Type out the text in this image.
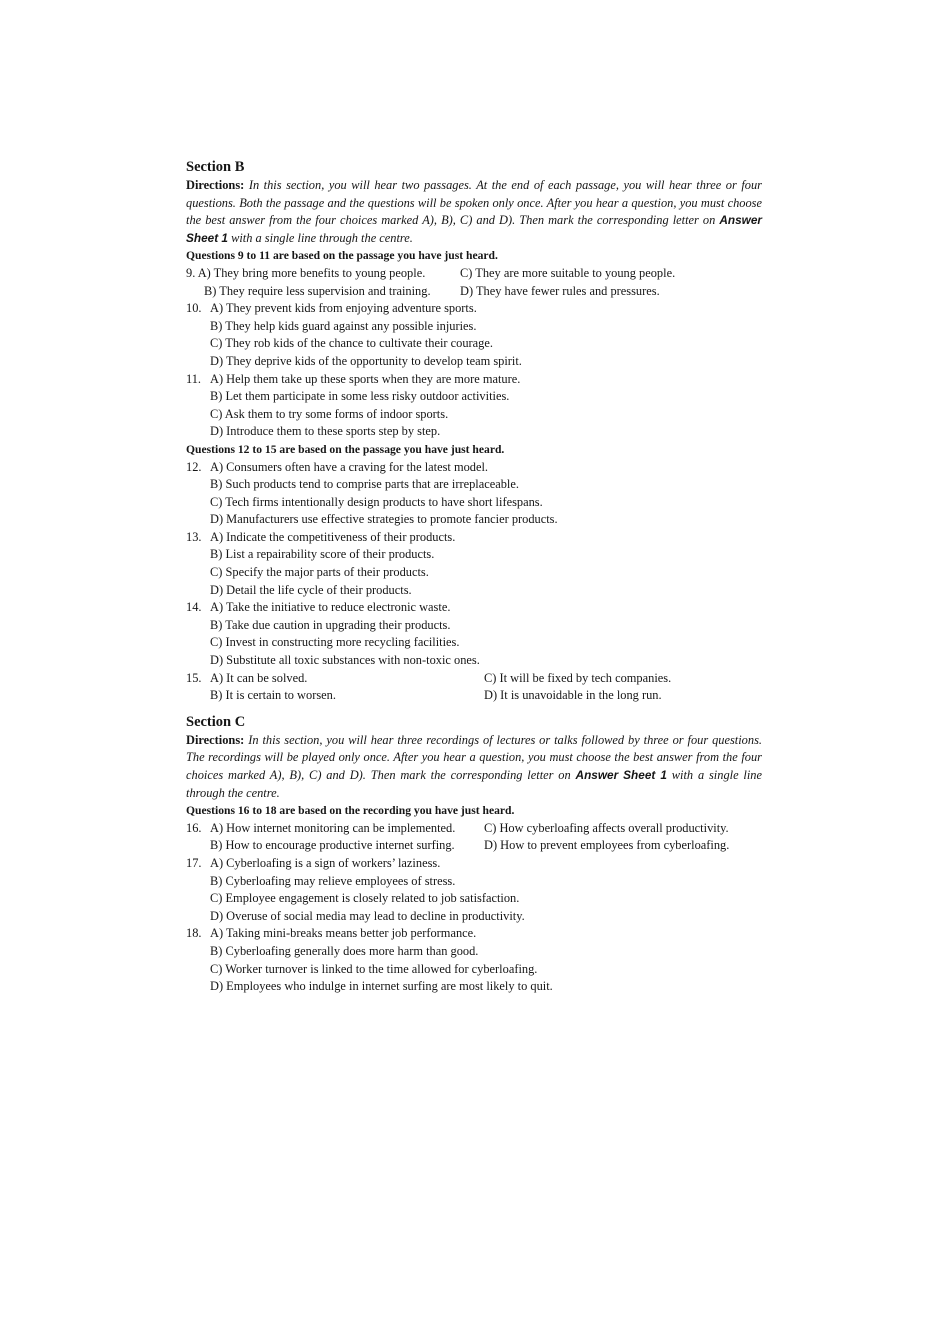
Section B
Directions: In this section, you will hear two passages. At the end of each passage, you will hear three or four questions. Both the passage and the questions will be spoken only once. After you hear a question, you must choose the best answer from the four choices marked A), B), C) and D). Then mark the corresponding letter on Answer Sheet 1 with a single line through the centre.
Questions 9 to 11 are based on the passage you have just heard.
9. A) They bring more benefits to young people.	C) They are more suitable to young people.
B) They require less supervision and training.	D) They have fewer rules and pressures.
10. A) They prevent kids from enjoying adventure sports.
B) They help kids guard against any possible injuries.
C) They rob kids of the chance to cultivate their courage.
D) They deprive kids of the opportunity to develop team spirit.
11. A) Help them take up these sports when they are more mature.
B) Let them participate in some less risky outdoor activities.
C) Ask them to try some forms of indoor sports.
D) Introduce them to these sports step by step.
Questions 12 to 15 are based on the passage you have just heard.
12. A) Consumers often have a craving for the latest model.
B) Such products tend to comprise parts that are irreplaceable.
C) Tech firms intentionally design products to have short lifespans.
D) Manufacturers use effective strategies to promote fancier products.
13. A) Indicate the competitiveness of their products.
B) List a repairability score of their products.
C) Specify the major parts of their products.
D) Detail the life cycle of their products.
14. A) Take the initiative to reduce electronic waste.
B) Take due caution in upgrading their products.
C) Invest in constructing more recycling facilities.
D) Substitute all toxic substances with non-toxic ones.
15. A) It can be solved.	C) It will be fixed by tech companies.
B) It is certain to worsen.	D) It is unavoidable in the long run.
Section C
Directions: In this section, you will hear three recordings of lectures or talks followed by three or four questions. The recordings will be played only once. After you hear a question, you must choose the best answer from the four choices marked A), B), C) and D). Then mark the corresponding letter on Answer Sheet 1 with a single line through the centre.
Questions 16 to 18 are based on the recording you have just heard.
16. A) How internet monitoring can be implemented.	C) How cyberloafing affects overall productivity.
B) How to encourage productive internet surfing.	D) How to prevent employees from cyberloafing.
17. A) Cyberloafing is a sign of workers’ laziness.
B) Cyberloafing may relieve employees of stress.
C) Employee engagement is closely related to job satisfaction.
D) Overuse of social media may lead to decline in productivity.
18. A) Taking mini-breaks means better job performance.
B) Cyberloafing generally does more harm than good.
C) Worker turnover is linked to the time allowed for cyberloafing.
D) Employees who indulge in internet surfing are most likely to quit.
